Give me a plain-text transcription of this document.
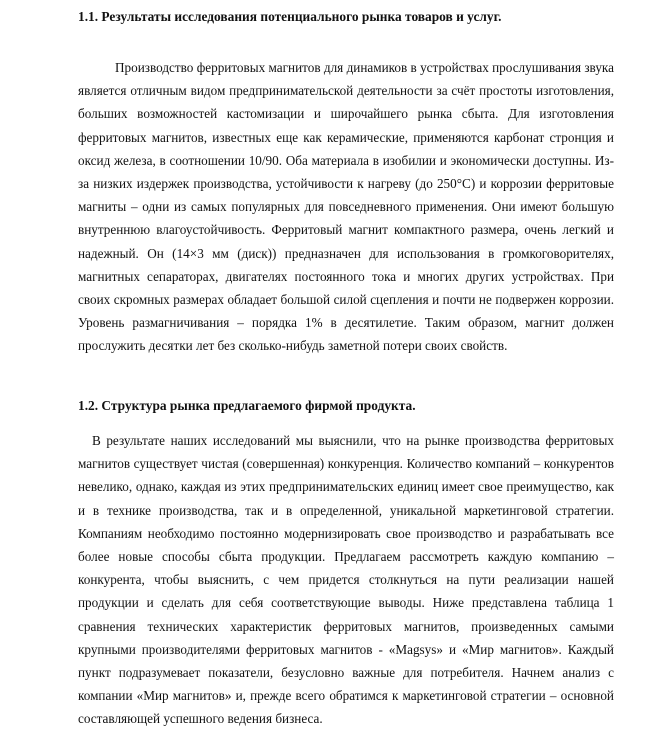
1.1. Результаты исследования потенциального рынка товаров и услуг.

Производство ферритовых магнитов для динамиков в устройствах прослушивания звука является отличным видом предпринимательской деятельности за счёт простоты изготовления, больших возможностей кастомизации и широчайшего рынка сбыта. Для изготовления ферритовых магнитов, известных еще как керамические, применяются карбонат стронция и оксид железа, в соотношении 10/90. Оба материала в изобилии и экономически доступны. Из-за низких издержек производства, устойчивости к нагреву (до 250°С) и коррозии ферритовые магниты – одни из самых популярных для повседневного применения. Они имеют большую внутреннюю влагоустойчивость. Ферритовый магнит компактного размера, очень легкий и надежный. Он (14×3 мм (диск)) предназначен для использования в громкоговорителях, магнитных сепараторах, двигателях постоянного тока и многих других устройствах. При своих скромных размерах обладает большой силой сцепления и почти не подвержен коррозии. Уровень размагничивания – порядка 1% в десятилетие. Таким образом, магнит должен прослужить десятки лет без сколько-нибудь заметной потери своих свойств.

1.2. Структура рынка предлагаемого фирмой продукта.

В результате наших исследований мы выяснили, что на рынке производства ферритовых магнитов существует чистая (совершенная) конкуренция. Количество компаний – конкурентов невелико, однако, каждая из этих предпринимательских единиц имеет свое преимущество, как и в технике производства, так и в определенной, уникальной маркетинговой стратегии. Компаниям необходимо постоянно модернизировать свое производство и разрабатывать все более новые способы сбыта продукции. Предлагаем рассмотреть каждую компанию – конкурента, чтобы выяснить, с чем придется столкнуться на пути реализации нашей продукции и сделать для себя соответствующие выводы. Ниже представлена таблица 1 сравнения технических характеристик ферритовых магнитов, произведенных самыми крупными производителями ферритовых магнитов - «Magsys» и «Мир магнитов». Каждый пункт подразумевает показатели, безусловно важные для потребителя. Начнем анализ с компании «Мир магнитов» и, прежде всего обратимся к маркетинговой стратегии – основной составляющей успешного ведения бизнеса.
